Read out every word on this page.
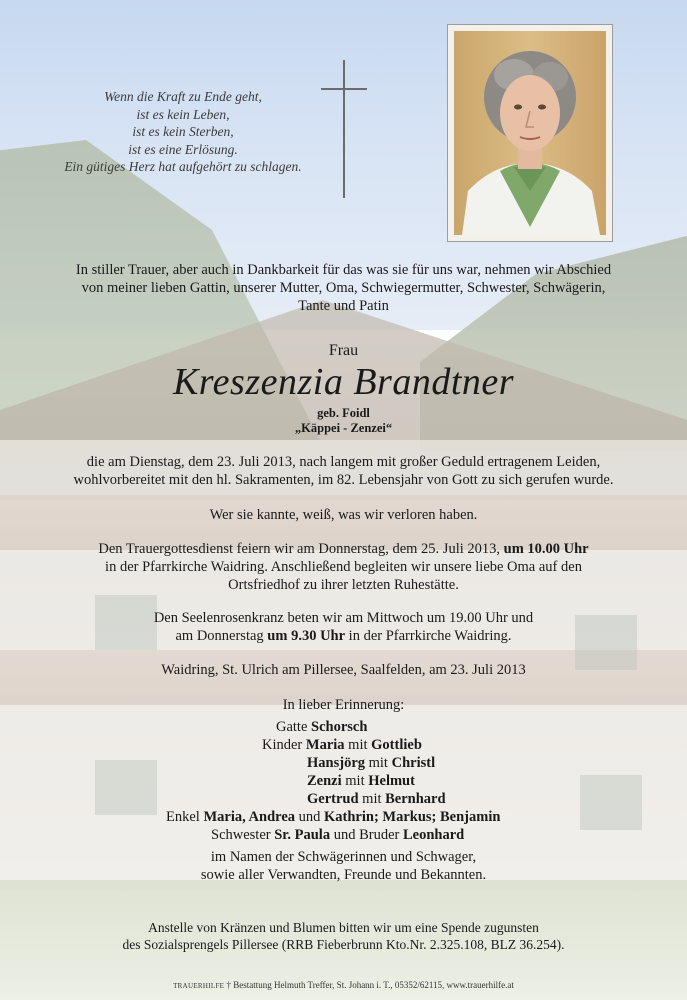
Wenn die Kraft zu Ende geht,
ist es kein Leben,
ist es kein Sterben,
ist es eine Erlösung.
Ein gütiges Herz hat aufgehört zu schlagen.
In stiller Trauer, aber auch in Dankbarkeit für das was sie für uns war, nehmen wir Abschied
von meiner lieben Gattin, unserer Mutter, Oma, Schwiegermutter, Schwester, Schwägerin,
Tante und Patin
Frau
Kreszenzia Brandtner
geb. Foidl
„Käppei - Zenzei“
die am Dienstag, dem 23. Juli 2013, nach langem mit großer Geduld ertragenem Leiden,
wohlvorbereitet mit den hl. Sakramenten, im 82. Lebensjahr von Gott zu sich gerufen wurde.
Wer sie kannte, weiß, was wir verloren haben.
Den Trauergottesdienst feiern wir am Donnerstag, dem 25. Juli 2013, um 10.00 Uhr
in der Pfarrkirche Waidring. Anschließend begleiten wir unsere liebe Oma auf den
Ortsfriedhof zu ihrer letzten Ruhestätte.
Den Seelenrosenkranz beten wir am Mittwoch um 19.00 Uhr und
am Donnerstag um 9.30 Uhr in der Pfarrkirche Waidring.
Waidring, St. Ulrich am Pillersee, Saalfelden, am 23. Juli 2013
In lieber Erinnerung:
Gatte Schorsch
Kinder Maria mit Gottlieb
Hansjörg mit Christl
Zenzi mit Helmut
Gertrud mit Bernhard
Enkel Maria, Andrea und Kathrin; Markus; Benjamin
Schwester Sr. Paula und Bruder Leonhard
im Namen der Schwägerinnen und Schwager,
sowie aller Verwandten, Freunde und Bekannten.
Anstelle von Kränzen und Blumen bitten wir um eine Spende zugunsten
des Sozialsprengels Pillersee (RRB Fieberbrunn Kto.Nr. 2.325.108, BLZ 36.254).
TRAUERHILFE † Bestattung Helmuth Treffer, St. Johann i. T., 05352/62115, www.trauerhilfe.at
